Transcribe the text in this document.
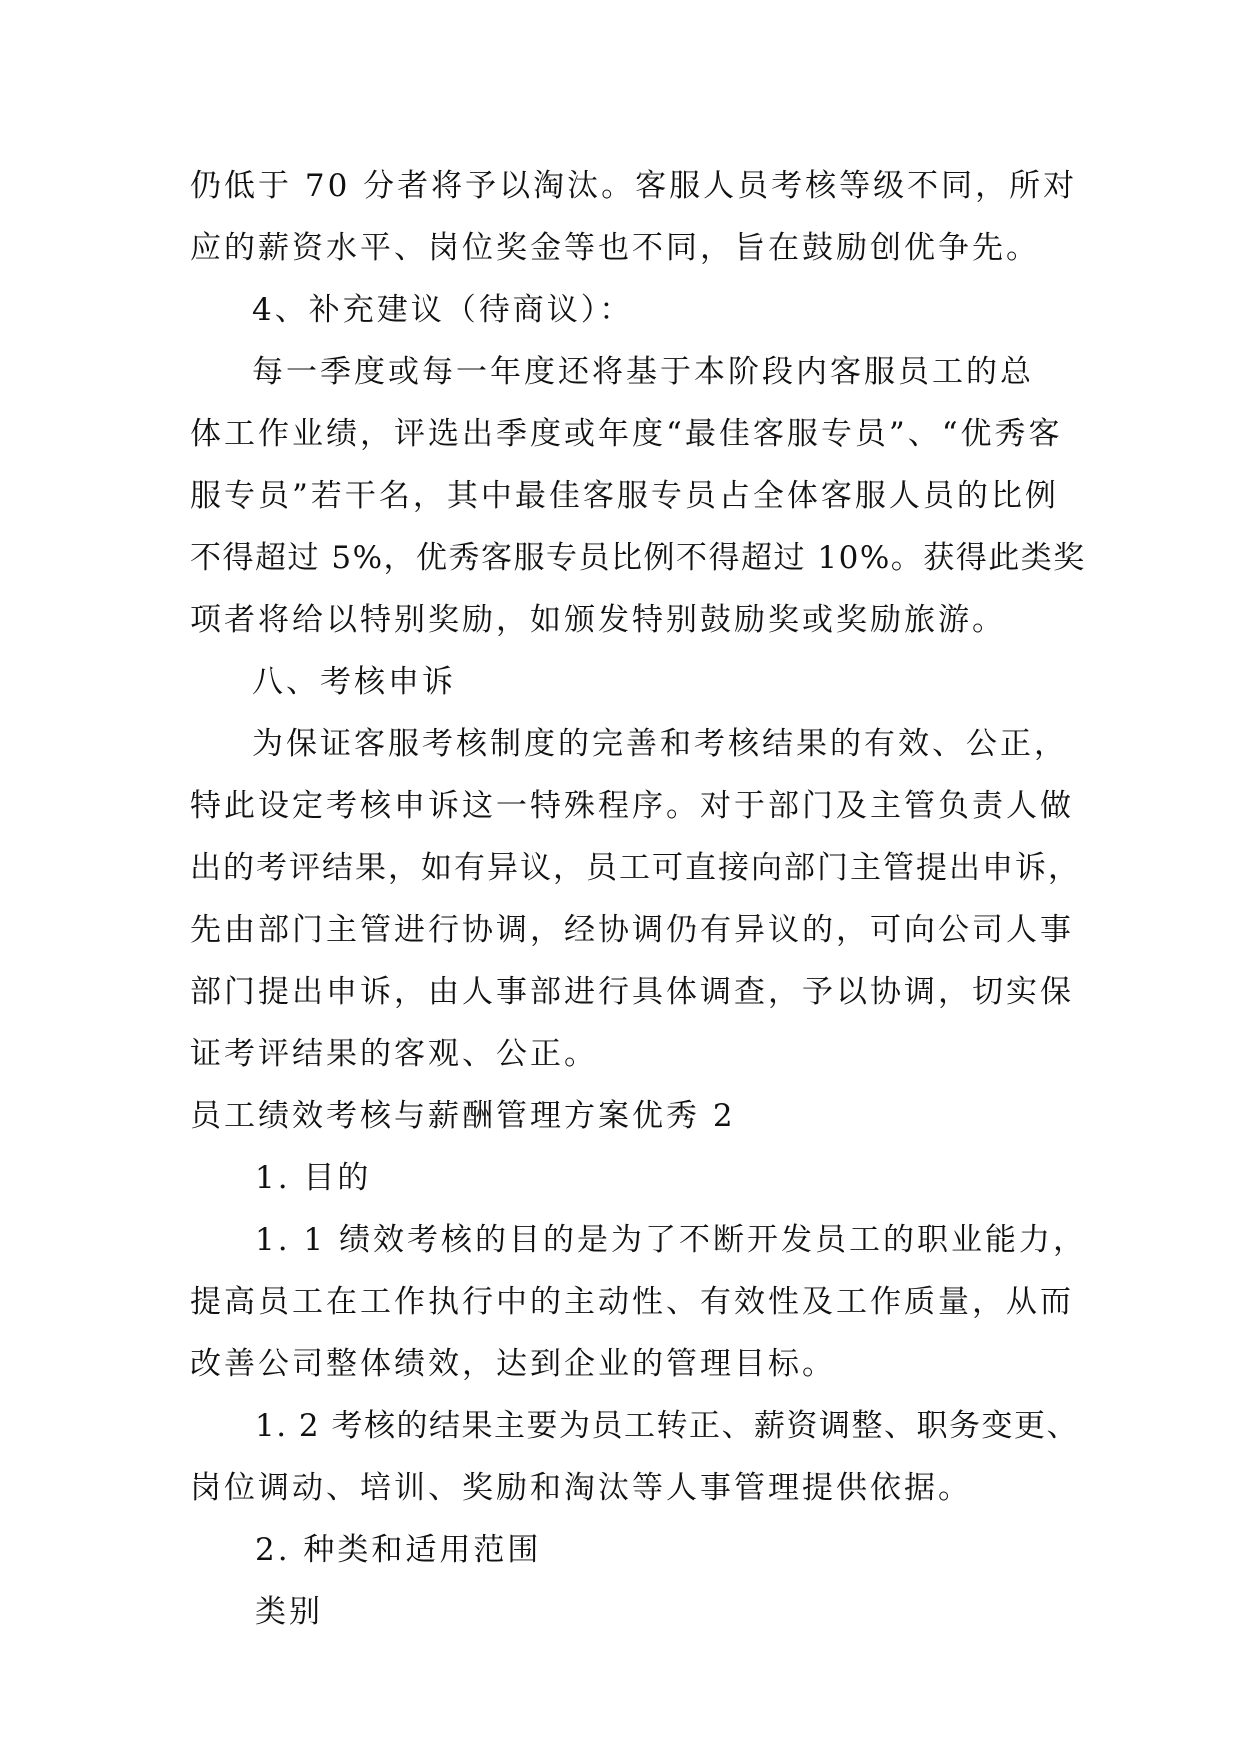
仍低于 70 分者将予以淘汰。客服人员考核等级不同，所对
应的薪资水平、岗位奖金等也不同，旨在鼓励创优争先。
4、补充建议（待商议）：
每一季度或每一年度还将基于本阶段内客服员工的总
体工作业绩，评选出季度或年度“最佳客服专员”、“优秀客
服专员”若干名，其中最佳客服专员占全体客服人员的比例
不得超过 5%，优秀客服专员比例不得超过 10%。获得此类奖
项者将给以特别奖励，如颁发特别鼓励奖或奖励旅游。
八、考核申诉
为保证客服考核制度的完善和考核结果的有效、公正，
特此设定考核申诉这一特殊程序。对于部门及主管负责人做
出的考评结果，如有异议，员工可直接向部门主管提出申诉，
先由部门主管进行协调，经协调仍有异议的，可向公司人事
部门提出申诉，由人事部进行具体调查，予以协调，切实保
证考评结果的客观、公正。
员工绩效考核与薪酬管理方案优秀 2
1. 目的
1. 1 绩效考核的目的是为了不断开发员工的职业能力，
提高员工在工作执行中的主动性、有效性及工作质量，从而
改善公司整体绩效，达到企业的管理目标。
1. 2 考核的结果主要为员工转正、薪资调整、职务变更、
岗位调动、培训、奖励和淘汰等人事管理提供依据。
2. 种类和适用范围
类别
